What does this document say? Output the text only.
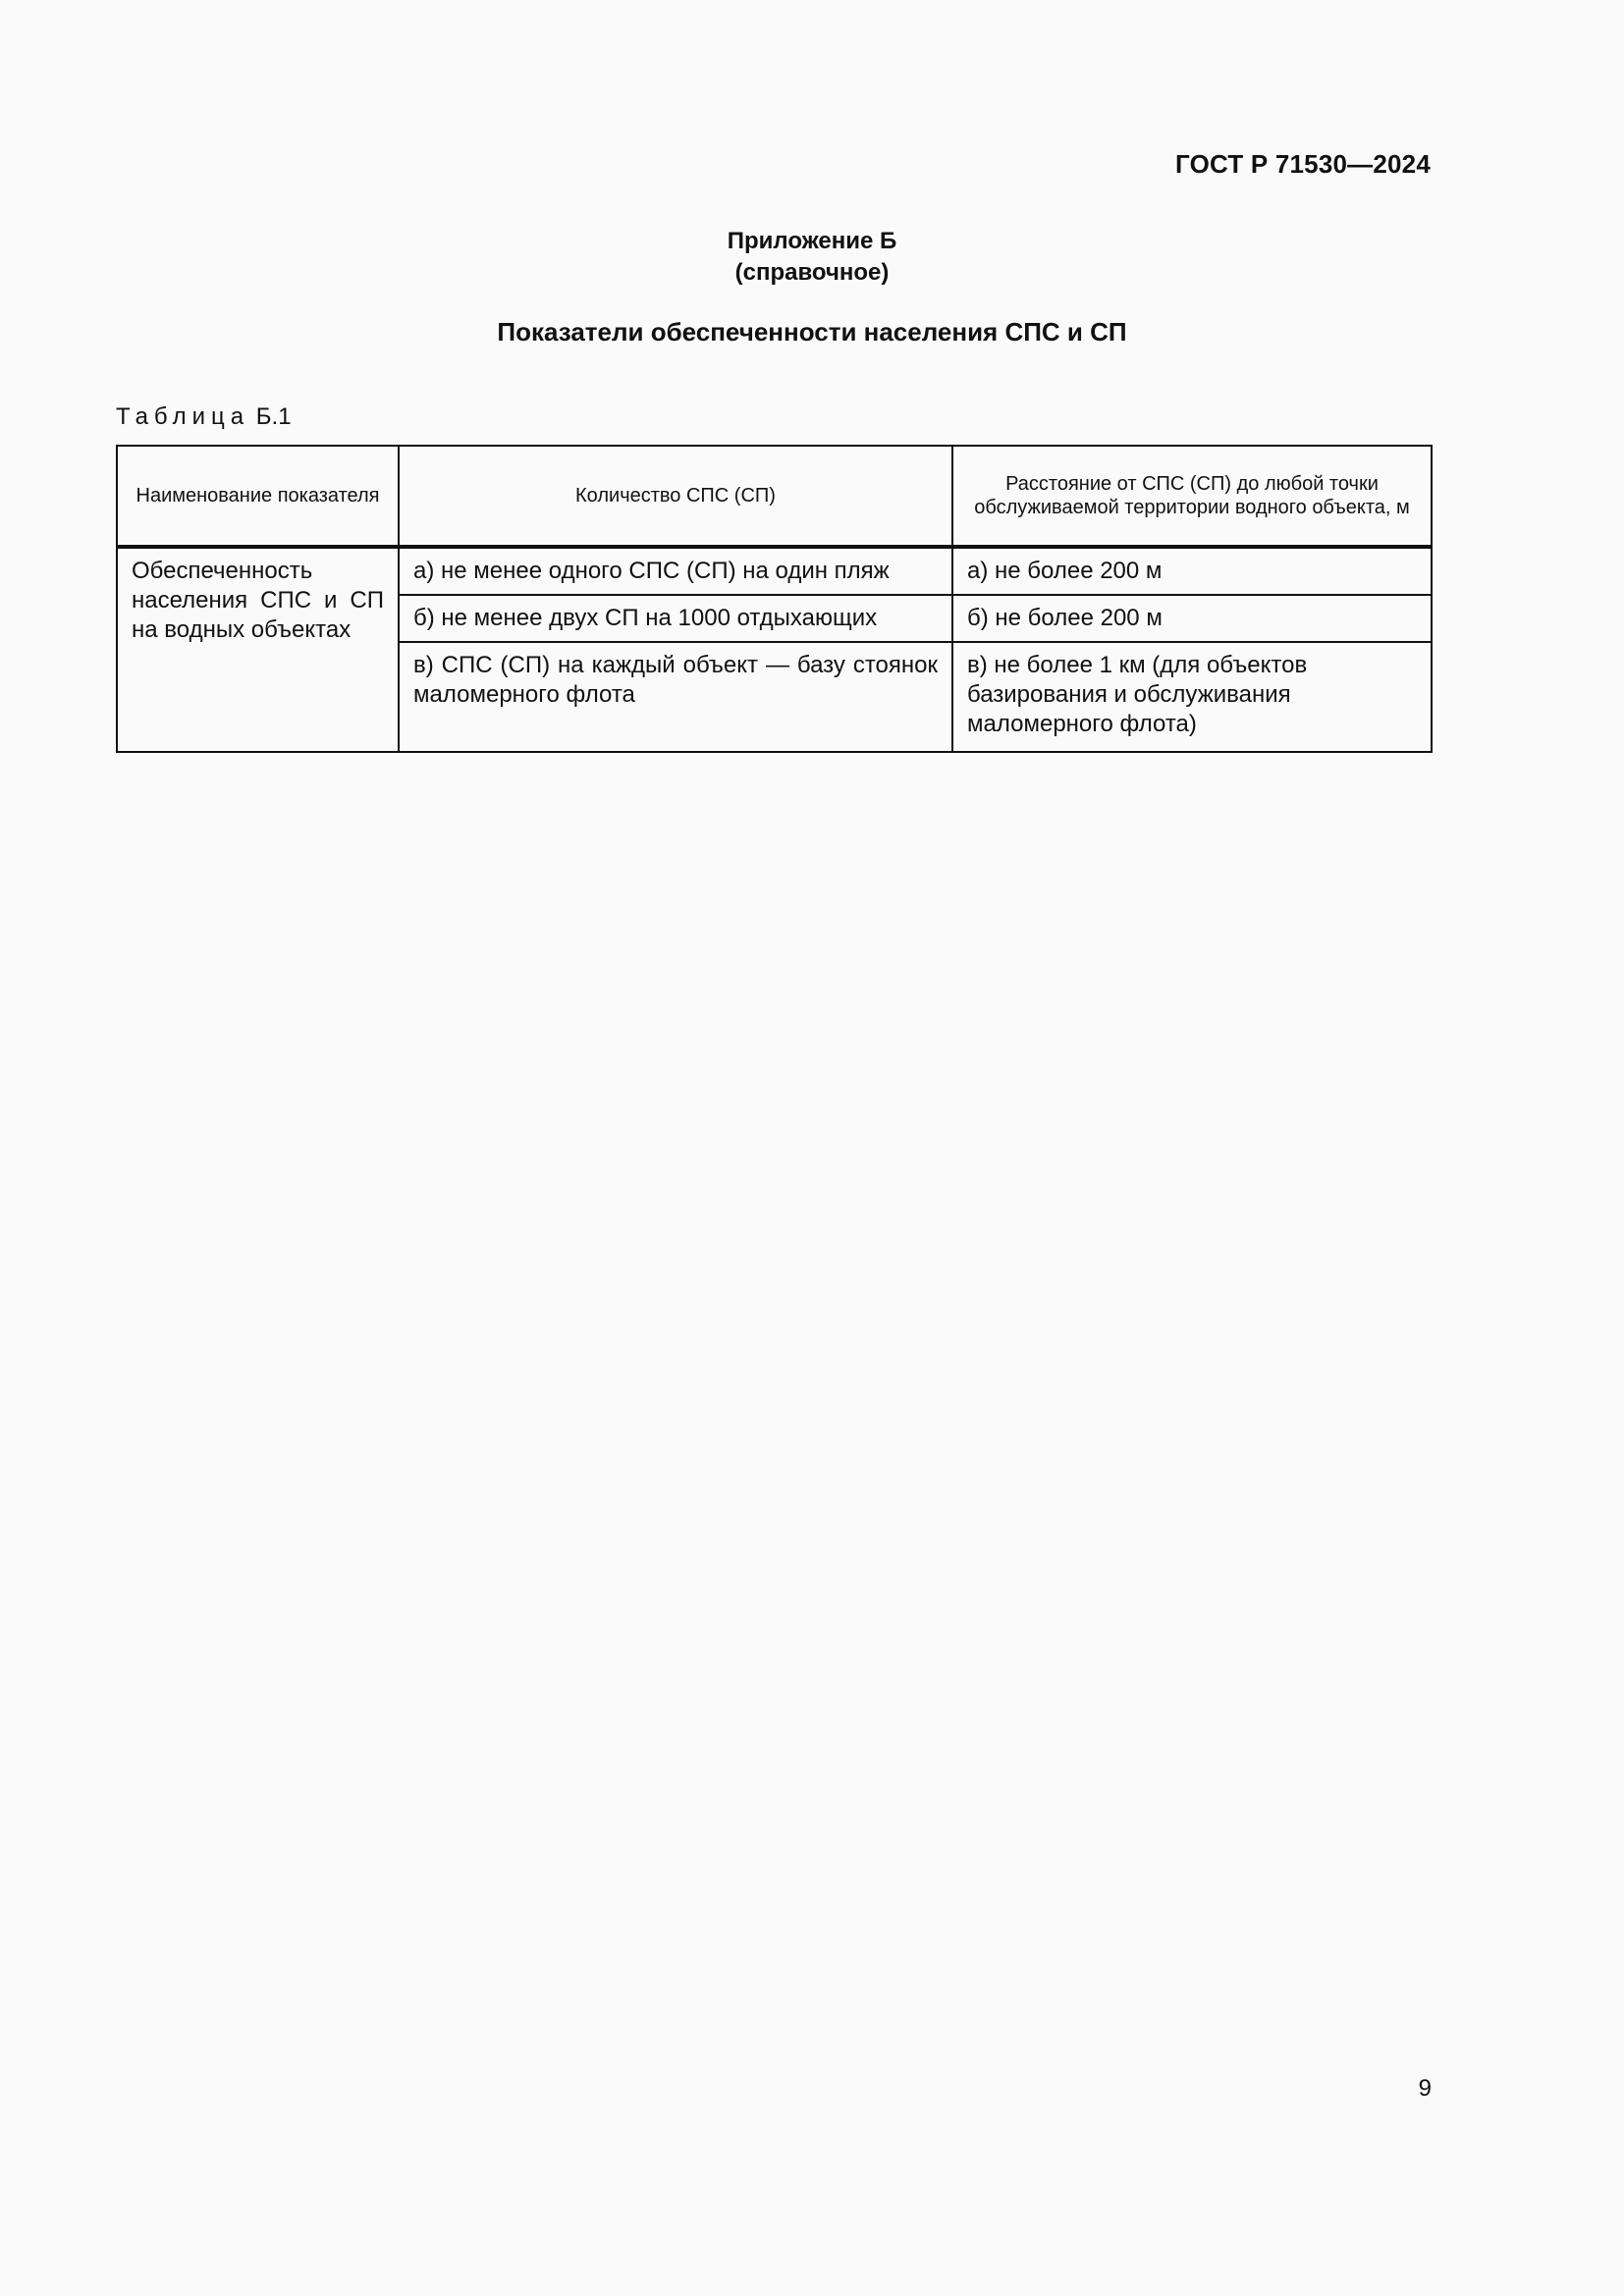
ГОСТ Р 71530—2024
Приложение Б
(справочное)
Показатели обеспеченности населения СПС и СП
Таблица Б.1
Наименование показателя	Количество СПС (СП)	Расстояние от СПС (СП) до любой точки обслуживаемой территории водного объекта, м
Обеспеченность населения СПС и СП на водных объектах	а) не менее одного СПС (СП) на один пляж	а) не более 200 м
	б) не менее двух СП на 1000 отдыхающих	б) не более 200 м
	в) СПС (СП) на каждый объект — базу стоянок маломерного флота	в) не более 1 км (для объектов базирования и обслуживания маломерного флота)
9
